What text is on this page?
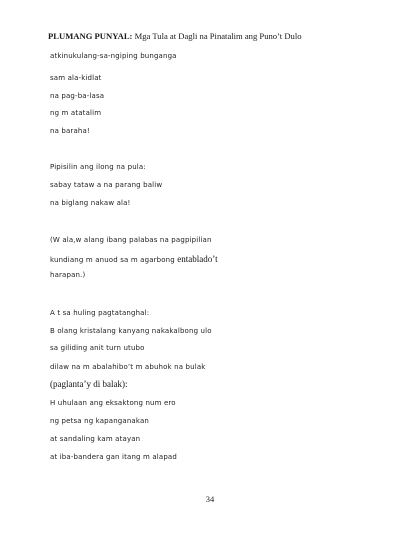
PLUMANG PUNYAL: Mga Tula at Dagli na Pinatalim ang Puno’t Dulo
atkinukulang-sa-ngiping bunganga
sam ala-kidlat
na pag-ba-lasa
ng m atatalim
na baraha!
Pipisilin ang ilong na pula:
sabay tataw a na parang baliw
na biglang nakaw ala!
(W ala,w alang ibang palabas na pagpipilian
kundiang m anuod sa m agarbong entablado’t
harapan.)
A t sa huling pagtatanghal:
B olang kristalang kanyang nakakalbong ulo
sa giliding anit turn utubo
dilaw na m abalahibo’t m abuhok na bulak
(paglanta’y di balak):
H uhulaan ang eksaktong num ero
ng petsa ng kapanganakan
at sandaling kam atayan
at iba-bandera gan itang m alapad
34
